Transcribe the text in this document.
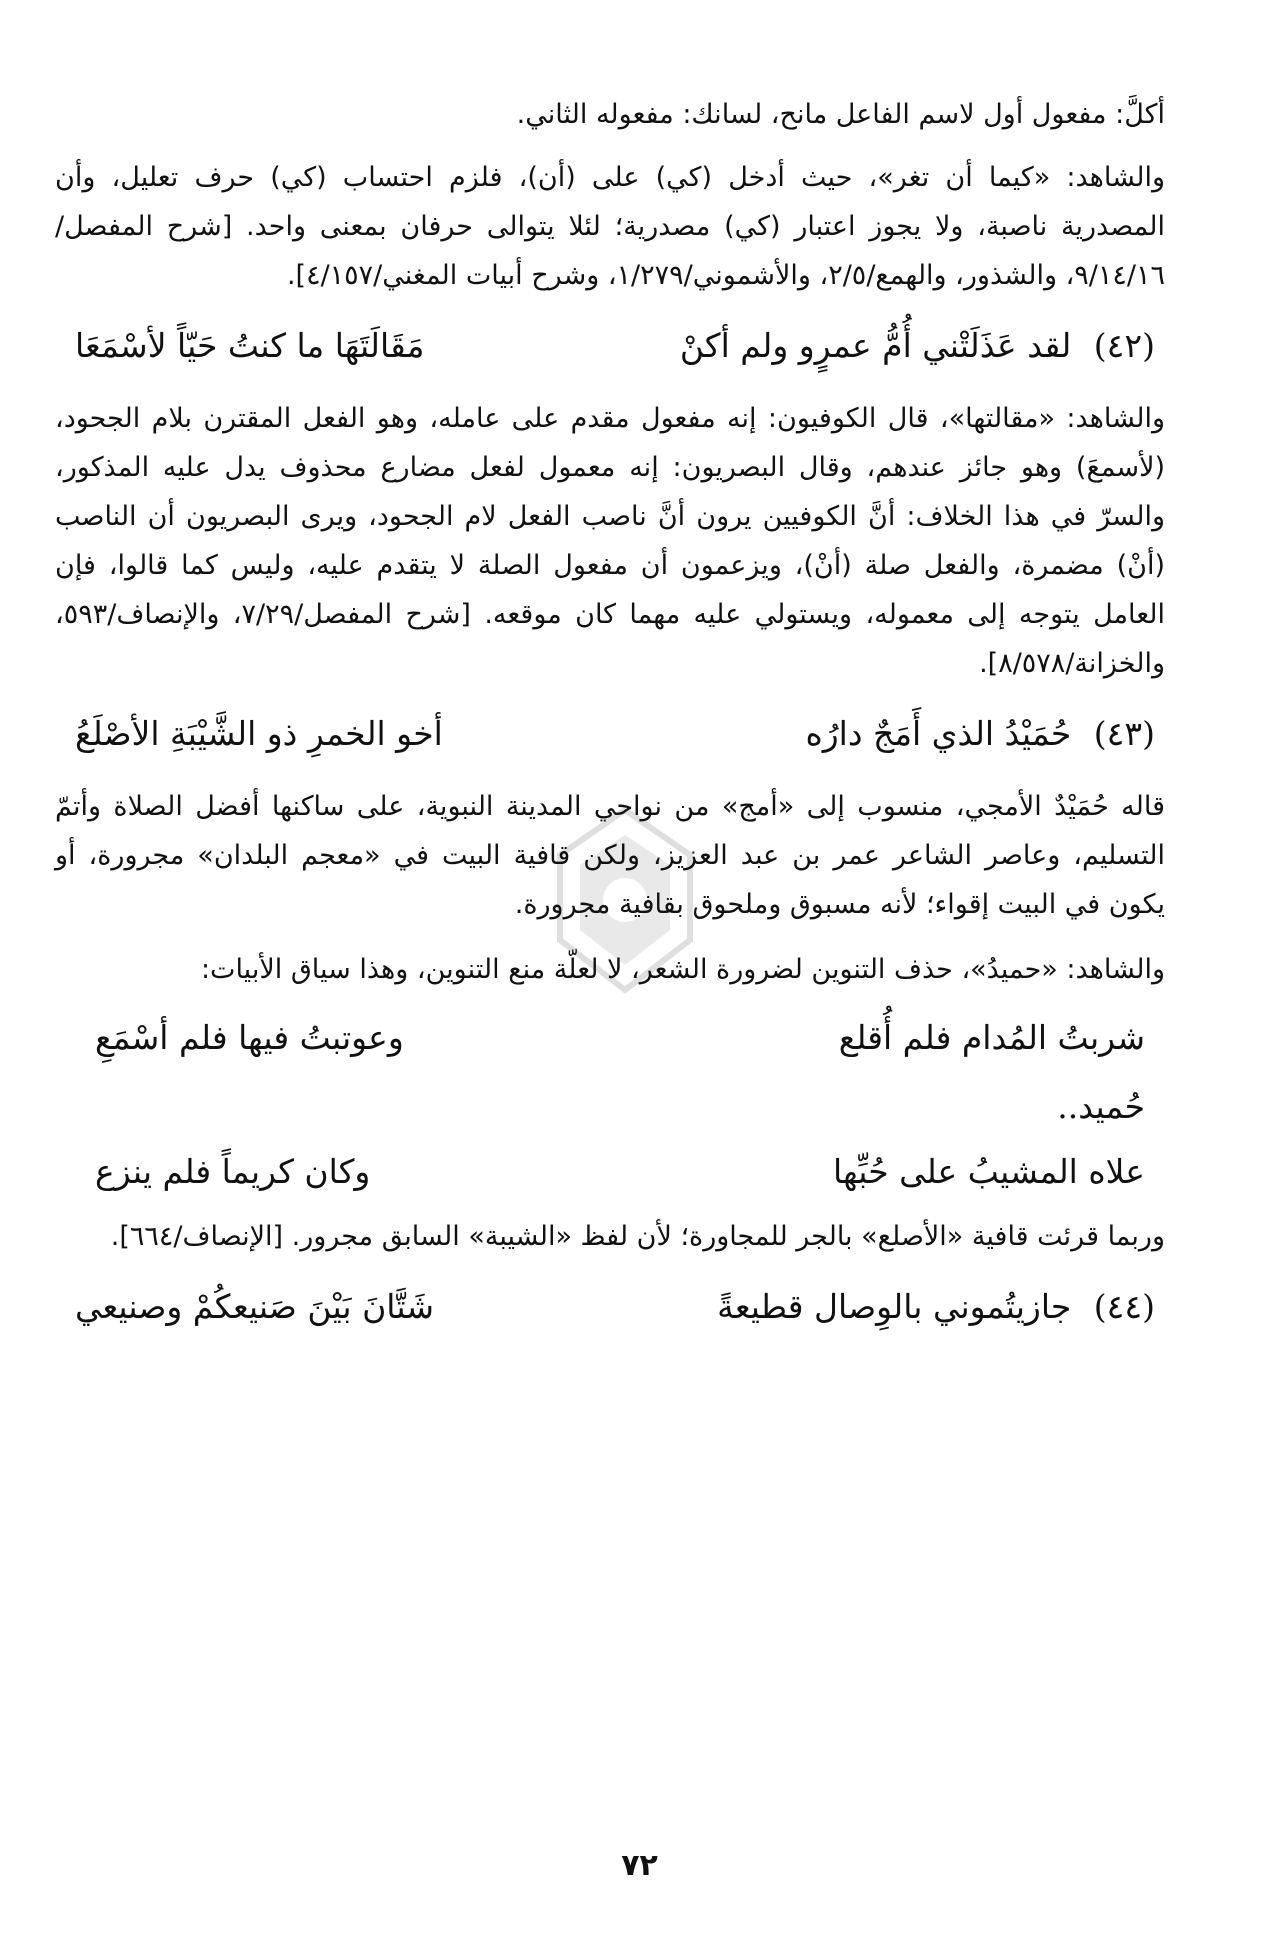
أكلَّ: مفعول أول لاسم الفاعل مانح، لسانك: مفعوله الثاني.

والشاهد: «كيما أن تغر»، حيث أدخل (كي) على (أن)، فلزم احتساب (كي) حرف تعليل، وأن المصدرية ناصبة، ولا يجوز اعتبار (كي) مصدرية؛ لئلا يتوالى حرفان بمعنى واحد. [شرح المفصل/٩/١٤/١٦، والشذور، والهمع/٢/٥، والأشموني/١/٢٧٩، وشرح أبيات المغني/٤/١٥٧].

(٤٢) لقد عَذَلَتْني أُمُّ عمرٍو ولم أكنْ
مَقَالَتَهَا ما كنتُ حَيّاً لأسْمَعَا

والشاهد: «مقالتها»، قال الكوفيون: إنه مفعول مقدم على عامله، وهو الفعل المقترن بلام الجحود، (لأسمعَ) وهو جائز عندهم، وقال البصريون: إنه معمول لفعل مضارع محذوف يدل عليه المذكور، والسرّ في هذا الخلاف: أنَّ الكوفيين يرون أنَّ ناصب الفعل لام الجحود، ويرى البصريون أن الناصب (أنْ) مضمرة، والفعل صلة (أنْ)، ويزعمون أن مفعول الصلة لا يتقدم عليه، وليس كما قالوا، فإن العامل يتوجه إلى معموله، ويستولي عليه مهما كان موقعه. [شرح المفصل/٧/٢٩، والإنصاف/٥٩٣، والخزانة/٨/٥٧٨].

(٤٣) حُمَيْدُ الذي أَمَجٌ دارُه
أخو الخمرِ ذو الشَّيْبَةِ الأصْلَعُ

قاله حُمَيْدٌ الأمجي، منسوب إلى «أمج» من نواحي المدينة النبوية، على ساكنها أفضل الصلاة وأتمّ التسليم، وعاصر الشاعر عمر بن عبد العزيز، ولكن قافية البيت في «معجم البلدان» مجرورة، أو يكون في البيت إقواء؛ لأنه مسبوق وملحوق بقافية مجرورة.

والشاهد: «حميدُ»، حذف التنوين لضرورة الشعر، لا لعلّة منع التنوين، وهذا سياق الأبيات:

شربتُ المُدام فلم أُقلع
وعوتبتُ فيها فلم أسْمَعِ
حُميد..
علاه المشيبُ على حُبِّها
وكان كريماً فلم ينزع

وربما قرئت قافية «الأصلع» بالجر للمجاورة؛ لأن لفظ «الشيبة» السابق مجرور. [الإنصاف/٦٦٤].

(٤٤) جازيتُموني بالوِصال قطيعةً
شَتَّانَ بَيْنَ صَنيعكُمْ وصنيعي
٧٢
